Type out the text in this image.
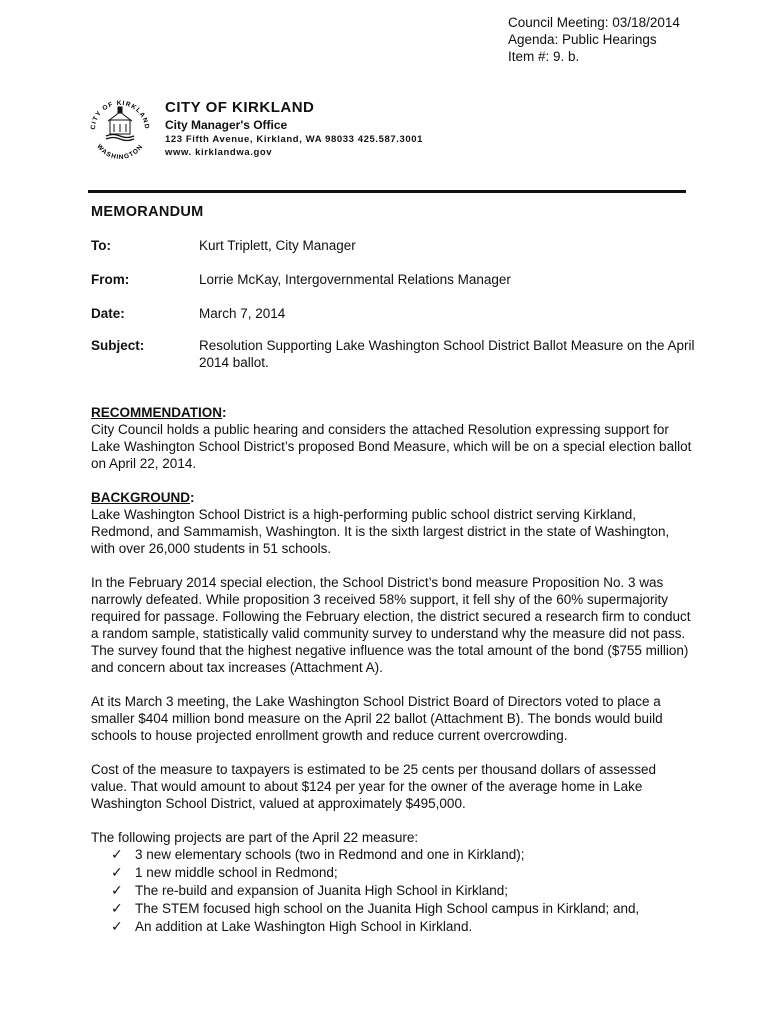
Council Meeting: 03/18/2014
Agenda: Public Hearings
Item #: 9. b.
CITY OF KIRKLAND
WASHINGTON
CITY OF KIRKLAND
City Manager's Office
123 Fifth Avenue, Kirkland, WA 98033 425.587.3001
www. kirklandwa.gov
MEMORANDUM
To:	Kurt Triplett, City Manager
From:	Lorrie McKay, Intergovernmental Relations Manager
Date:	March 7, 2014
Subject:	Resolution Supporting Lake Washington School District Ballot Measure on the April 2014 ballot.
RECOMMENDATION:

City Council holds a public hearing and considers the attached Resolution expressing support for Lake Washington School District’s proposed Bond Measure, which will be on a special election ballot on April 22, 2014.

BACKGROUND:

Lake Washington School District is a high-performing public school district serving Kirkland, Redmond, and Sammamish, Washington. It is the sixth largest district in the state of Washington, with over 26,000 students in 51 schools.

In the February 2014 special election, the School District’s bond measure Proposition No. 3 was narrowly defeated. While proposition 3 received 58% support, it fell shy of the 60% supermajority required for passage. Following the February election, the district secured a research firm to conduct a random sample, statistically valid community survey to understand why the measure did not pass. The survey found that the highest negative influence was the total amount of the bond ($755 million) and concern about tax increases (Attachment A).

At its March 3 meeting, the Lake Washington School District Board of Directors voted to place a smaller $404 million bond measure on the April 22 ballot (Attachment B). The bonds would build schools to house projected enrollment growth and reduce current overcrowding.

Cost of the measure to taxpayers is estimated to be 25 cents per thousand dollars of assessed value. That would amount to about $124 per year for the owner of the average home in Lake Washington School District, valued at approximately $495,000.

The following projects are part of the April 22 measure:
✓ 3 new elementary schools (two in Redmond and one in Kirkland);
✓ 1 new middle school in Redmond;
✓ The re-build and expansion of Juanita High School in Kirkland;
✓ The STEM focused high school on the Juanita High School campus in Kirkland; and,
✓ An addition at Lake Washington High School in Kirkland.
